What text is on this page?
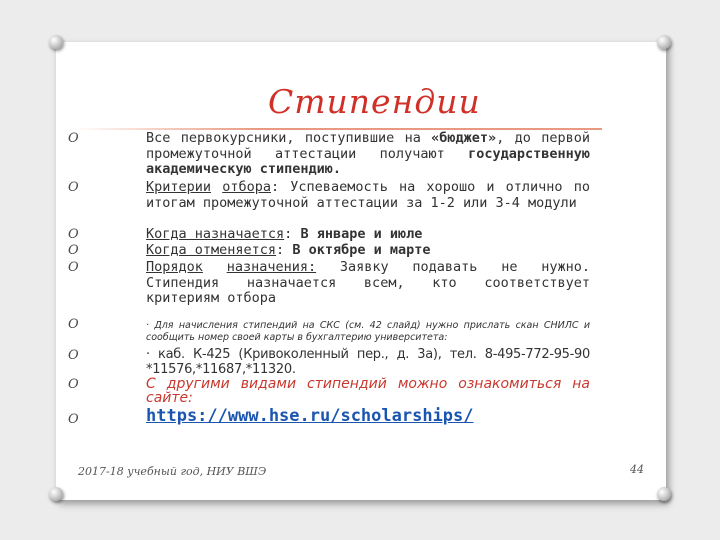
Стипендии
O
O
O
O
O
O
O
O
O
Все первокурсники, поступившие на «бюджет», до первой промежуточной аттестации получают государственную академическую стипендию.
Критерии отбора: Успеваемость на хорошо и отлично по итогам промежуточной аттестации за 1-2 или 3-4 модули
Когда назначается: В январе и июле
Когда отменяется: В октябре и марте
Порядок назначения: Заявку подавать не нужно. Стипендия назначается всем, кто соответствует критериям отбора
· Для начисления стипендий на СКС (см. 42 слайд) нужно прислать скан СНИЛС и сообщить номер своей карты в бухгалтерию университета:
· каб. К-425 (Кривоколенный пер., д. 3а), тел. 8-495-772-95-90 *11576,*11687,*11320.
С другими видами стипендий можно ознакомиться на сайте:
https://www.hse.ru/scholarships/
2017-18 учебный год, НИУ ВШЭ	44
